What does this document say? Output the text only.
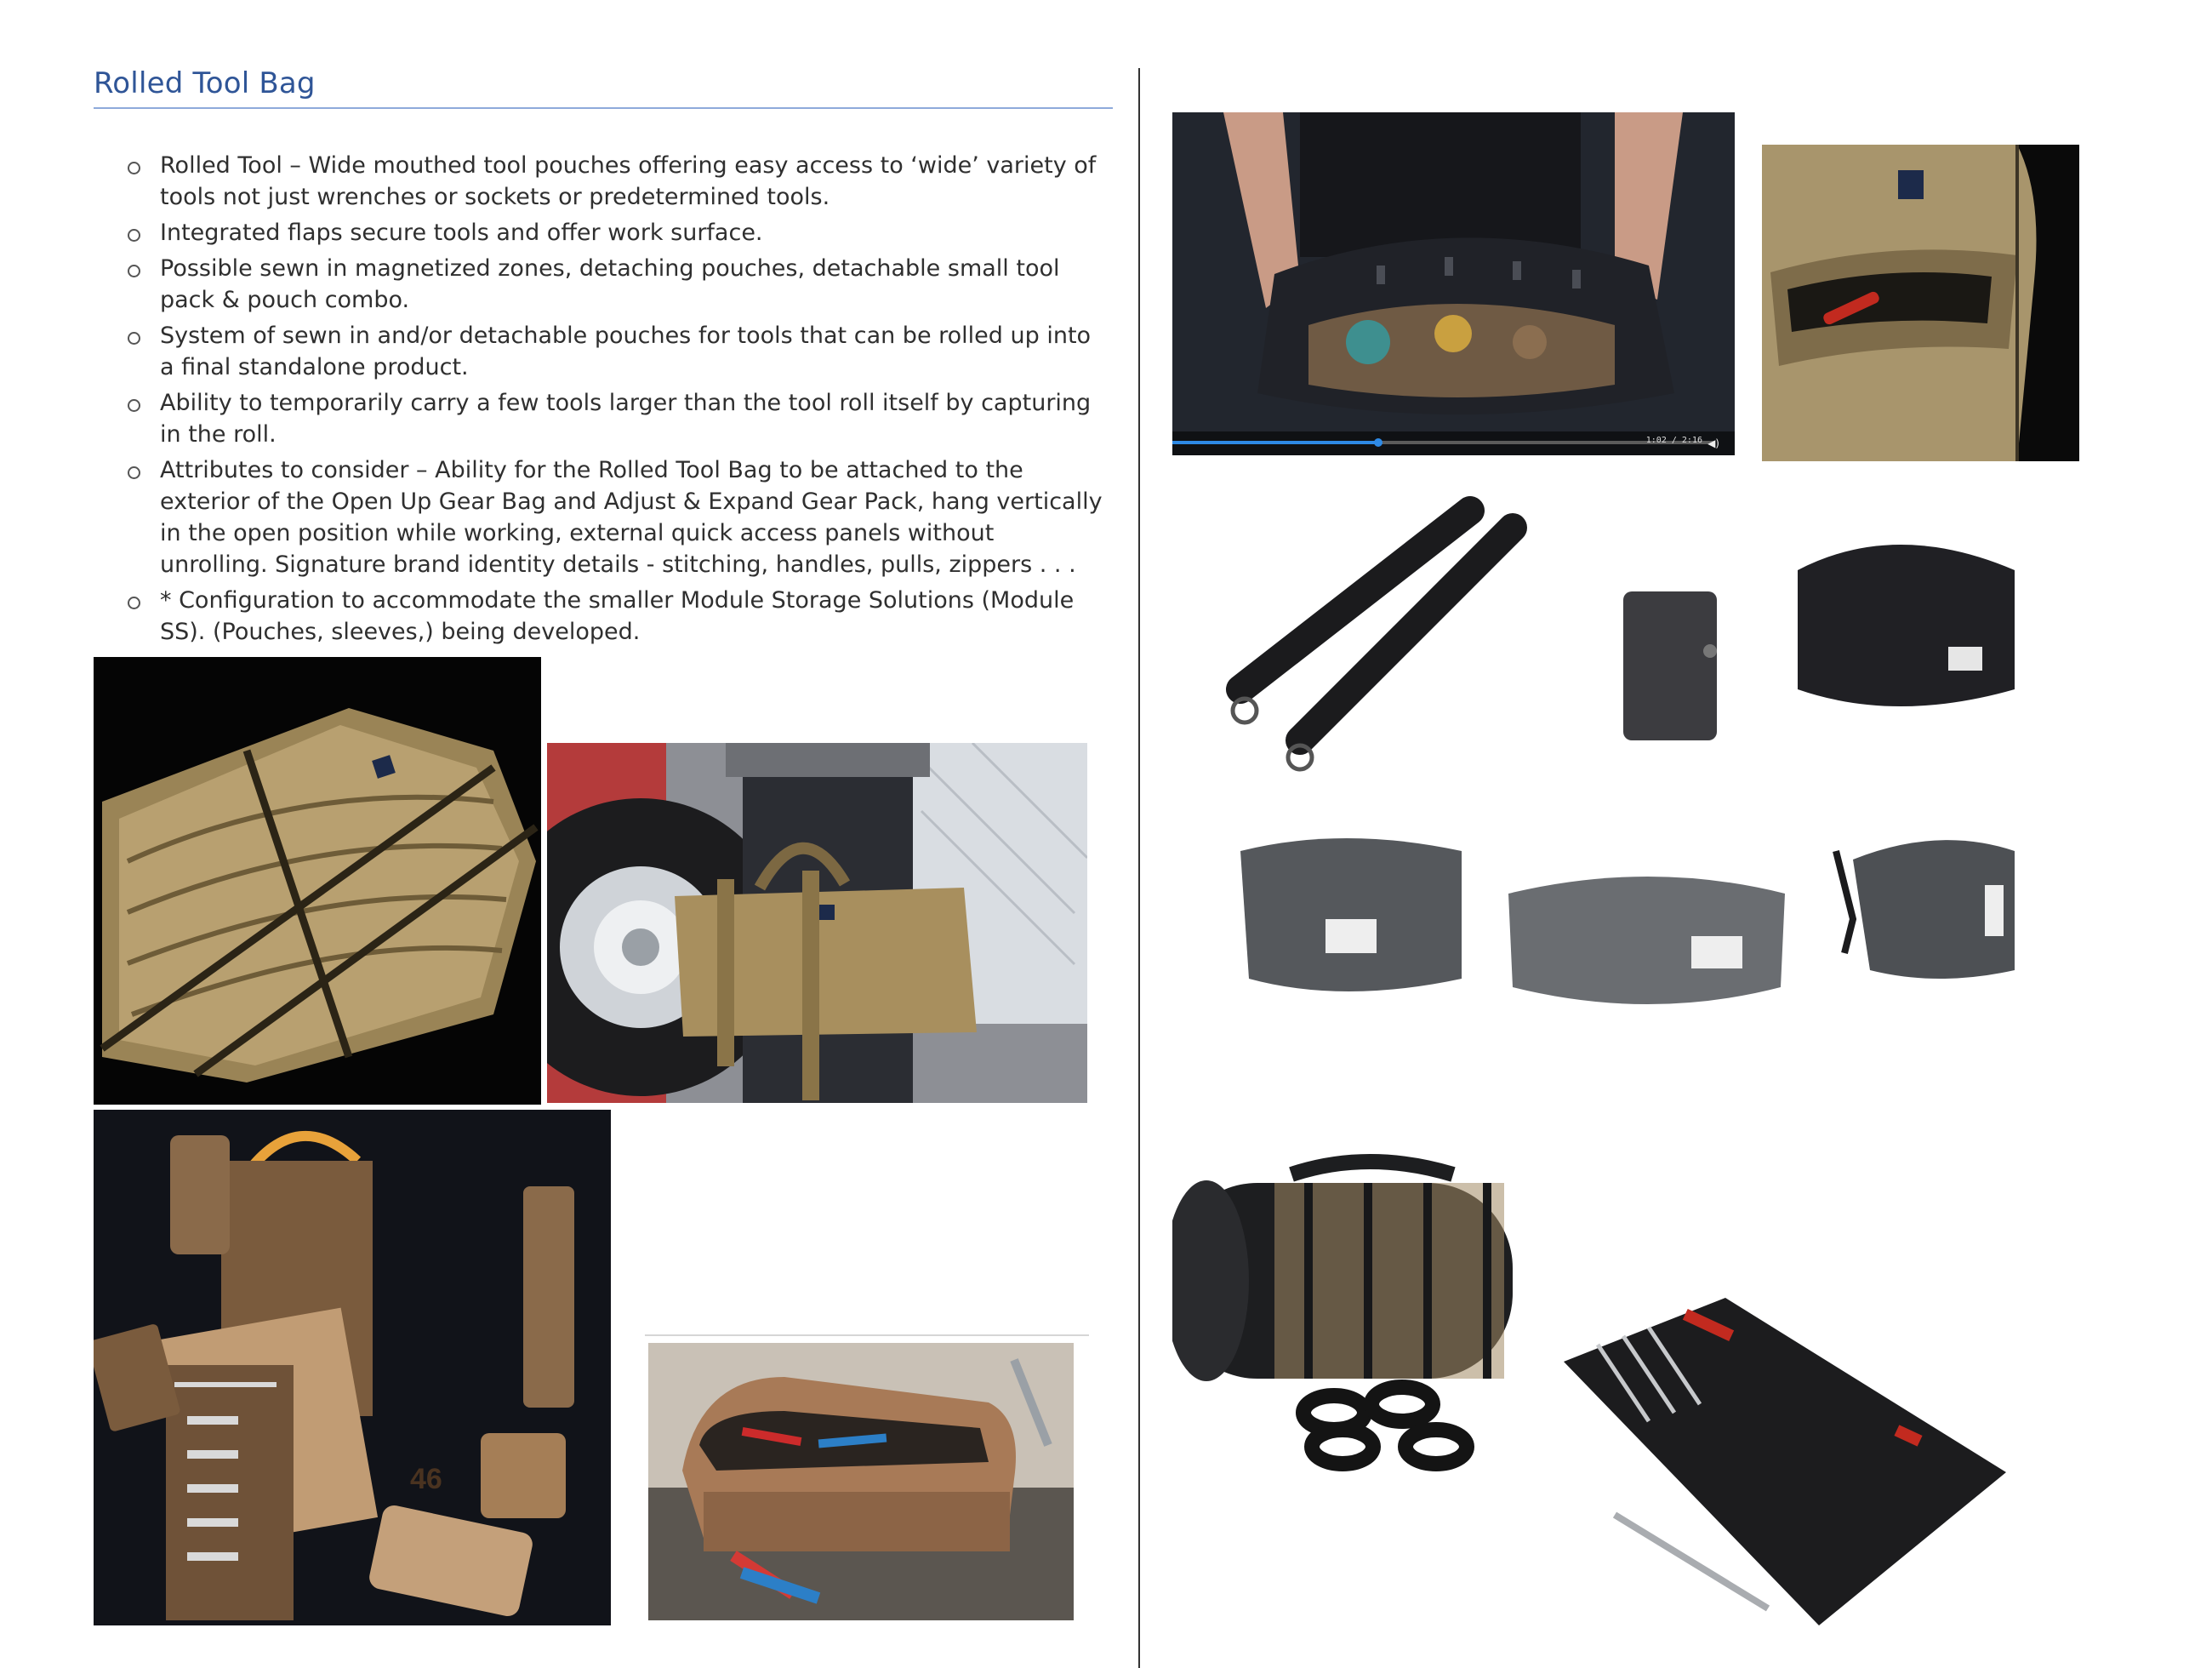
Rolled Tool Bag
Rolled Tool – Wide mouthed tool pouches offering easy access to ‘wide’ variety of tools not just wrenches or sockets or predetermined tools.
Integrated flaps secure tools and offer work surface.
Possible sewn in magnetized zones, detaching pouches, detachable small tool pack & pouch combo.
System of sewn in and/or detachable pouches for tools that can be rolled up into a final standalone product.
Ability to temporarily carry a few tools larger than the tool roll itself by capturing in the roll.
Attributes to consider – Ability for the Rolled Tool Bag to be attached to the exterior of the Open Up Gear Bag and Adjust & Expand Gear Pack, hang vertically in the open position while working, external quick access panels without unrolling. Signature brand identity details - stitching, handles, pulls, zippers . . .
* Configuration to accommodate the smaller Module Storage Solutions (Module SS). (Pouches, sleeves,) being developed.
46
1:02 / 2:16 ◀)
